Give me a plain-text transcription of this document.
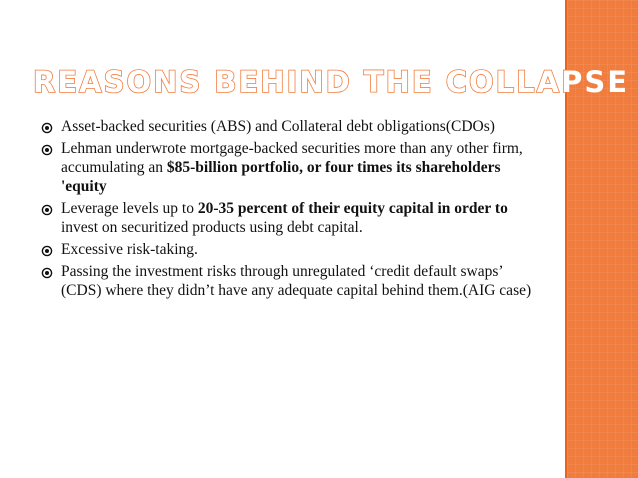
REASONS BEHIND THE COLLAPSE
Asset-backed securities (ABS) and Collateral debt obligations(CDOs)
Lehman underwrote mortgage-backed securities more than any other firm, accumulating an $85-billion portfolio, or four times its shareholders 'equity
Leverage levels up to 20-35 percent of their equity capital in order to invest on securitized products using debt capital.
Excessive risk-taking.
Passing the investment risks through unregulated ‘credit default swaps’ (CDS) where they didn’t have any adequate capital behind them.(AIG case)
